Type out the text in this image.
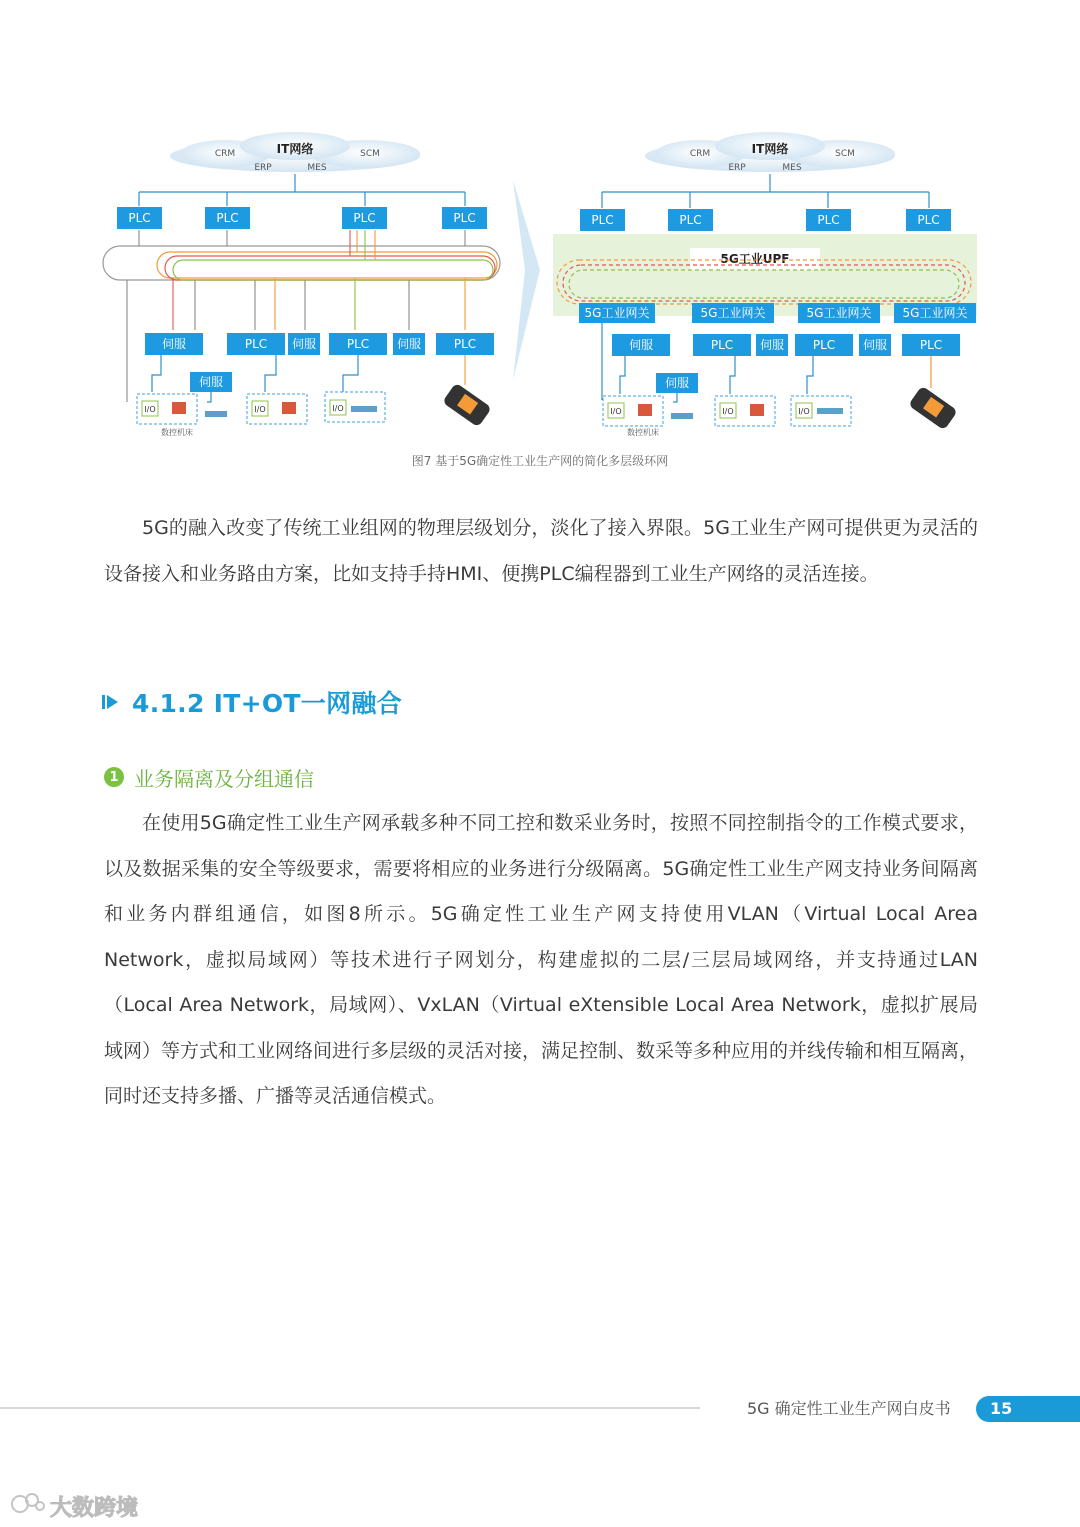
IT网络
CRM
ERP	MES
SCM
PLC	PLC	PLC	PLC
伺服	PLC 伺服	PLC 伺服	PLC
伺服
I/O	I/O	I/O
数控机床
IT网络
CRM
ERP	MES
SCM
PLC	PLC	PLC	PLC
5G工业UPF
5G工业网关	5G工业网关	5G工业网关	5G工业网关
伺服	PLC 伺服 PLC 伺服	PLC
伺服
I/O	I/O	I/O
数控机床
图7 基于5G确定性工业生产网的简化多层级环网

5G的融入改变了传统工业组网的物理层级划分，淡化了接入界限。5G工业生产网可提供更为灵活的设备接入和业务路由方案，比如支持手持HMI、便携PLC编程器到工业生产网络的灵活连接。

4.1.2 IT+OT一网融合
1 业务隔离及分组通信

在使用5G确定性工业生产网承载多种不同工控和数采业务时，按照不同控制指令的工作模式要求，以及数据采集的安全等级要求，需要将相应的业务进行分级隔离。5G确定性工业生产网支持业务间隔离和业务内群组通信，如图8所示。5G确定性工业生产网支持使用VLAN（Virtual Local Area Network，虚拟局域网）等技术进行子网划分，构建虚拟的二层/三层局域网络，并支持通过LAN（Local Area Network，局域网）、VxLAN（Virtual eXtensible Local Area Network，虚拟扩展局域网）等方式和工业网络间进行多层级的灵活对接，满足控制、数采等多种应用的并线传输和相互隔离，同时还支持多播、广播等灵活通信模式。

5G 确定性工业生产网白皮书	15
大数跨境
